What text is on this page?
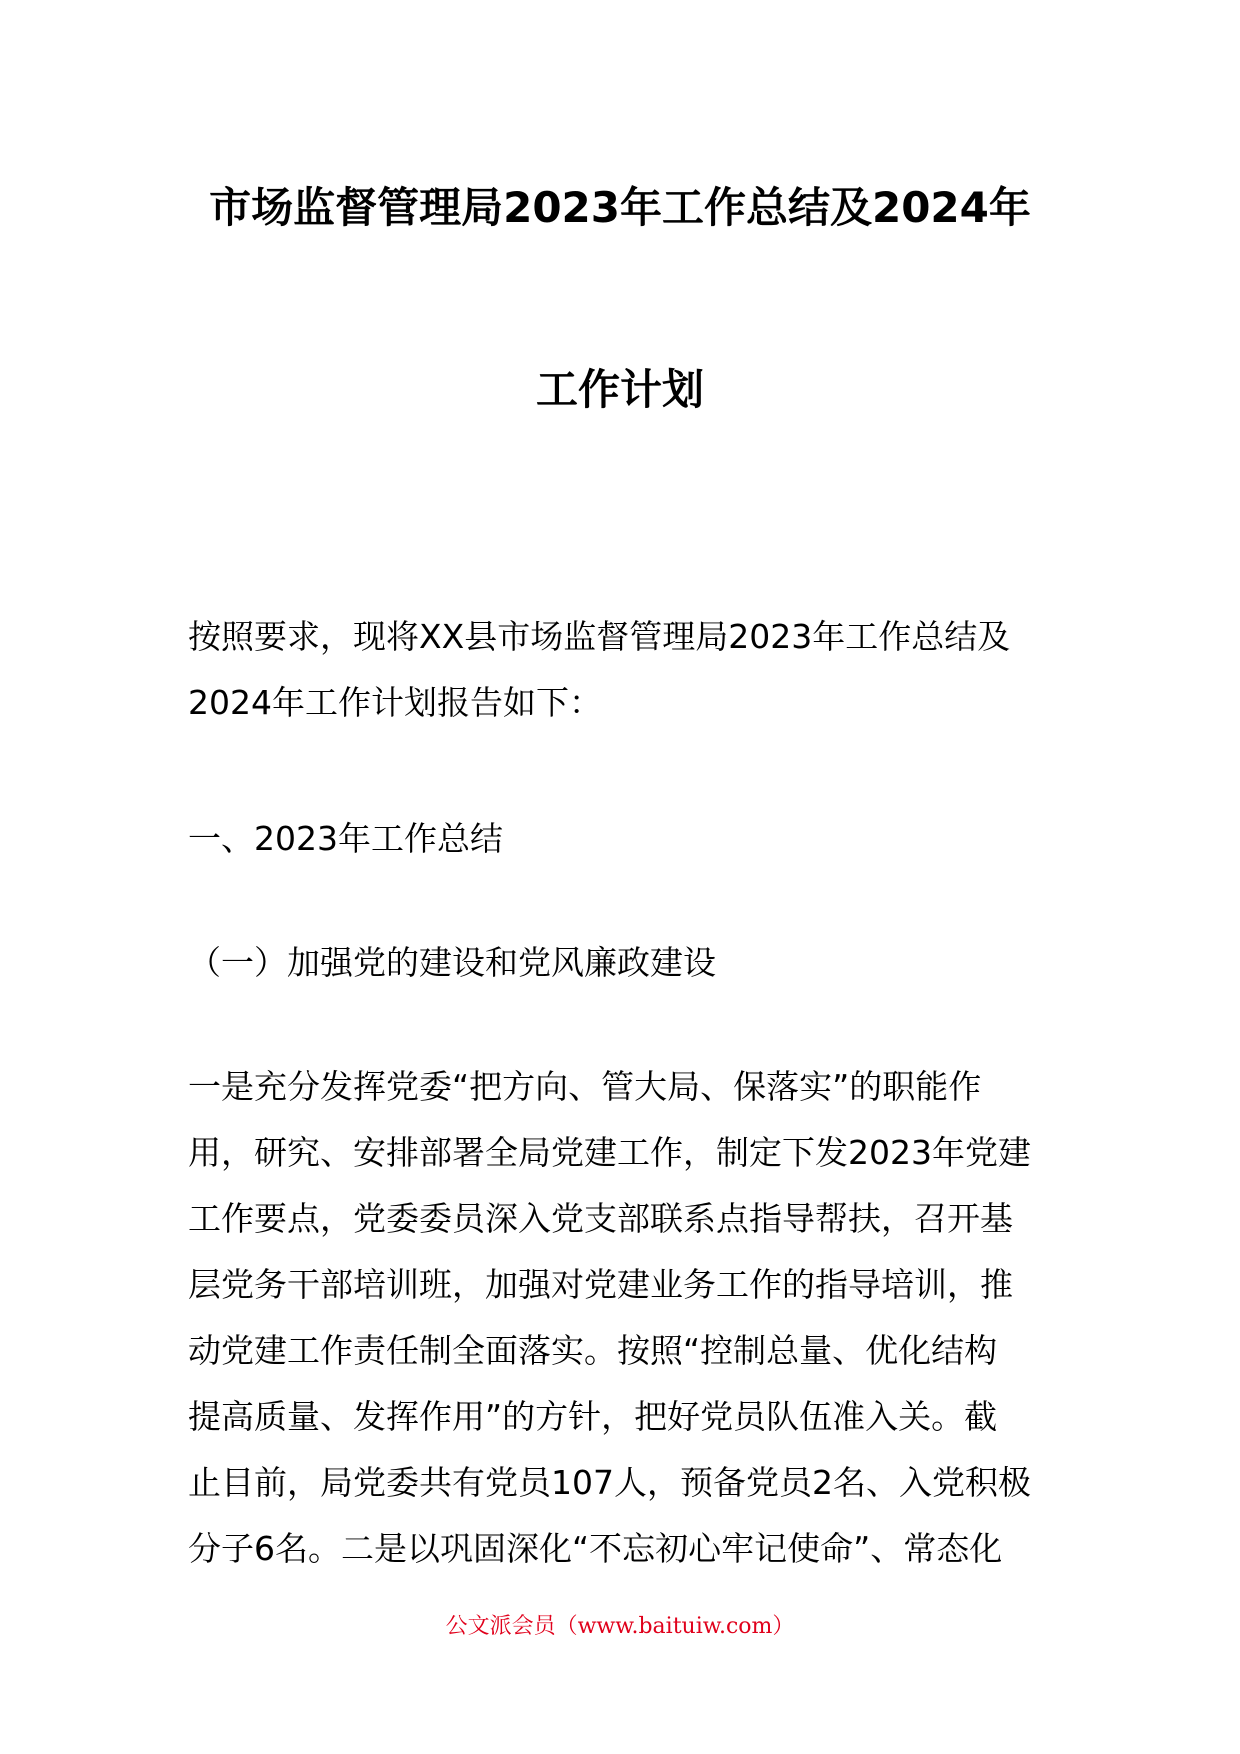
市场监督管理局2023年工作总结及2024年
工作计划
按照要求，现将XX县市场监督管理局2023年工作总结及
2024年工作计划报告如下：
一、2023年工作总结
（一）加强党的建设和党风廉政建设
一是充分发挥党委“把方向、管大局、保落实”的职能作
用，研究、安排部署全局党建工作，制定下发2023年党建
工作要点，党委委员深入党支部联系点指导帮扶，召开基
层党务干部培训班，加强对党建业务工作的指导培训，推
动党建工作责任制全面落实。按照“控制总量、优化结构
提高质量、发挥作用”的方针，把好党员队伍准入关。截
止目前，局党委共有党员107人，预备党员2名、入党积极
分子6名。二是以巩固深化“不忘初心牢记使命”、常态化
公文派会员（www.baituiw.com）
